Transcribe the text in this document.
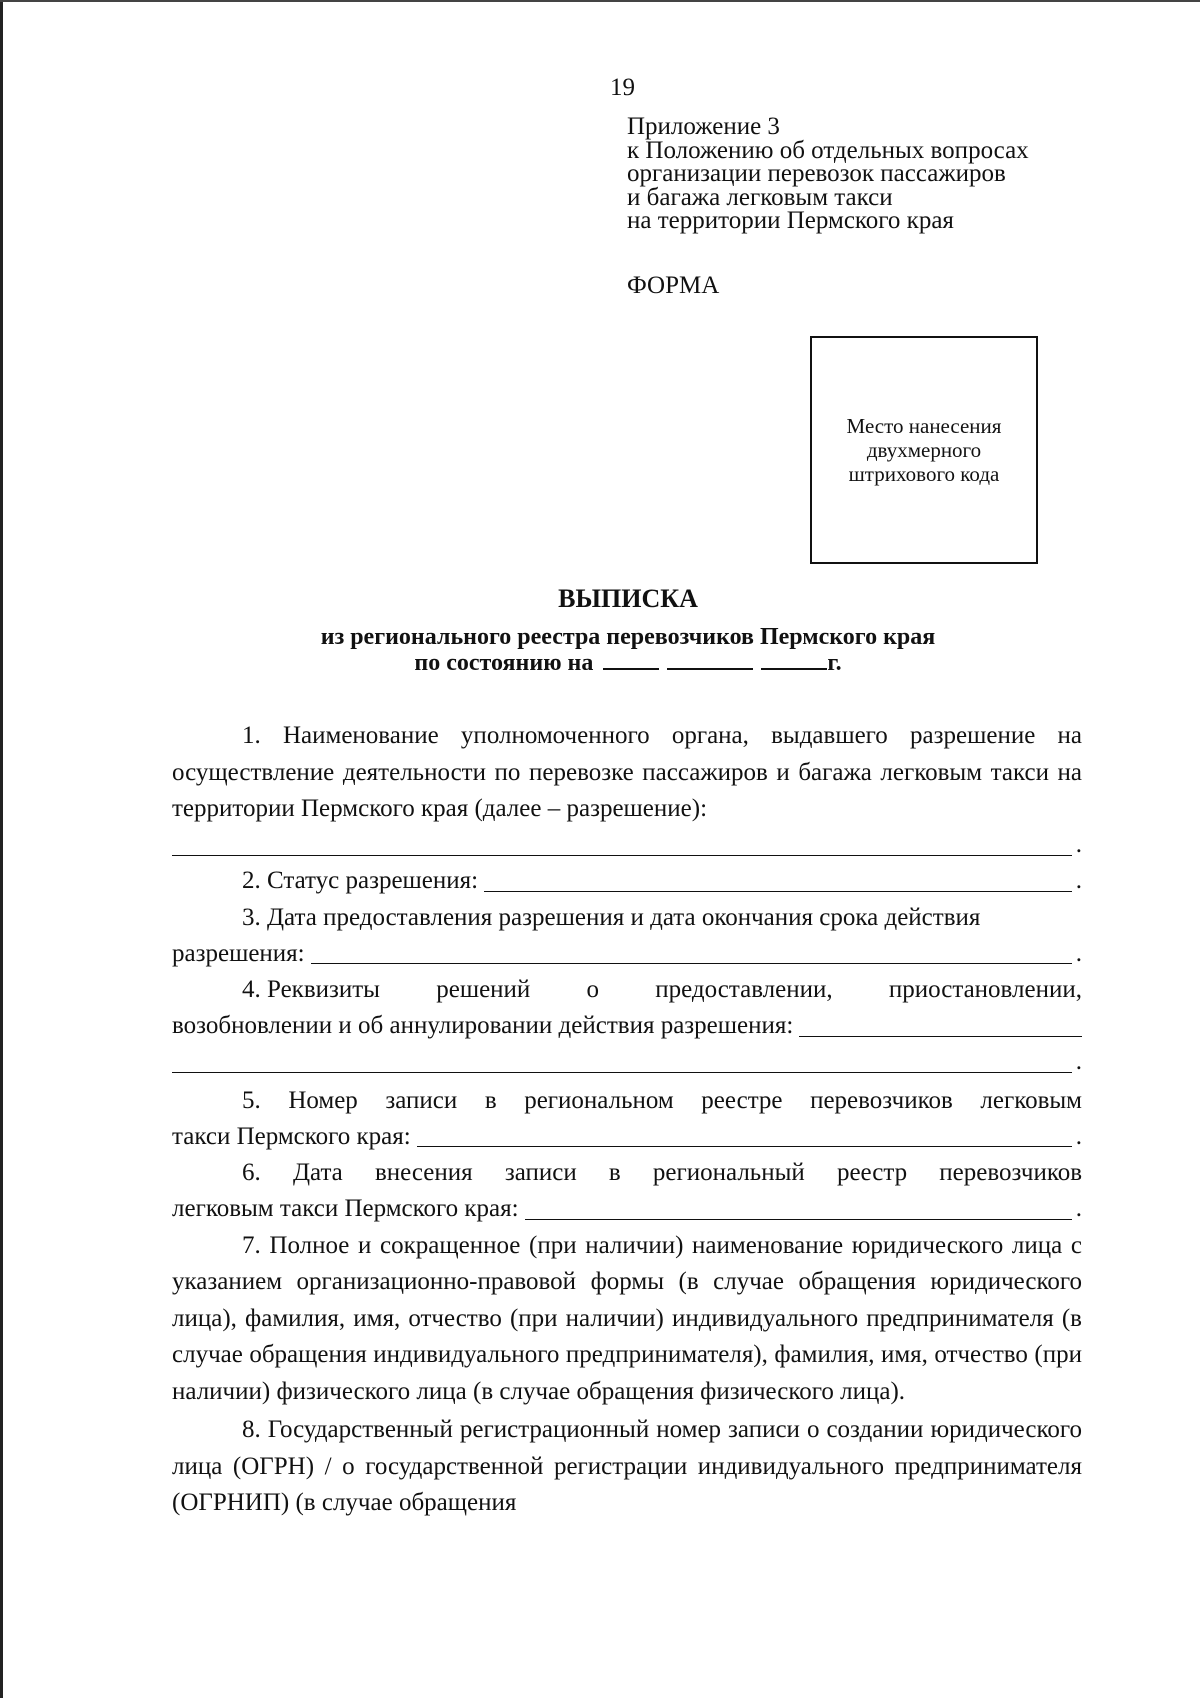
19
Приложение 3
к Положению об отдельных вопросах
организации перевозок пассажиров
и багажа легковым такси
на территории Пермского края
ФОРМА
Место нанесения
двухмерного
штрихового кода
ВЫПИСКА
из регионального реестра перевозчиков Пермского края
по состоянию на	г.

1. Наименование уполномоченного органа, выдавшего разрешение на осуществление деятельности по перевозке пассажиров и багажа легковым такси на территории Пермского края (далее – разрешение):

.
2. Статус разрешения:	.
3. Дата предоставления разрешения и дата окончания срока действия
разрешения:	.
4. Реквизиты решений о предоставлении, приостановлении,
возобновлении и об аннулировании действия разрешения:
.
5. Номер записи в региональном реестре перевозчиков легковым
такси Пермского края:	.
6. Дата внесения записи в региональный реестр перевозчиков
легковым такси Пермского края:	.

7. Полное и сокращенное (при наличии) наименование юридического лица с указанием организационно-правовой формы (в случае обращения юридического лица), фамилия, имя, отчество (при наличии) индивидуального предпринимателя (в случае обращения индивидуального предпринимателя), фамилия, имя, отчество (при наличии) физического лица (в случае обращения физического лица).

8. Государственный регистрационный номер записи о создании юридического лица (ОГРН) / о государственной регистрации индивидуального предпринимателя (ОГРНИП) (в случае обращения
